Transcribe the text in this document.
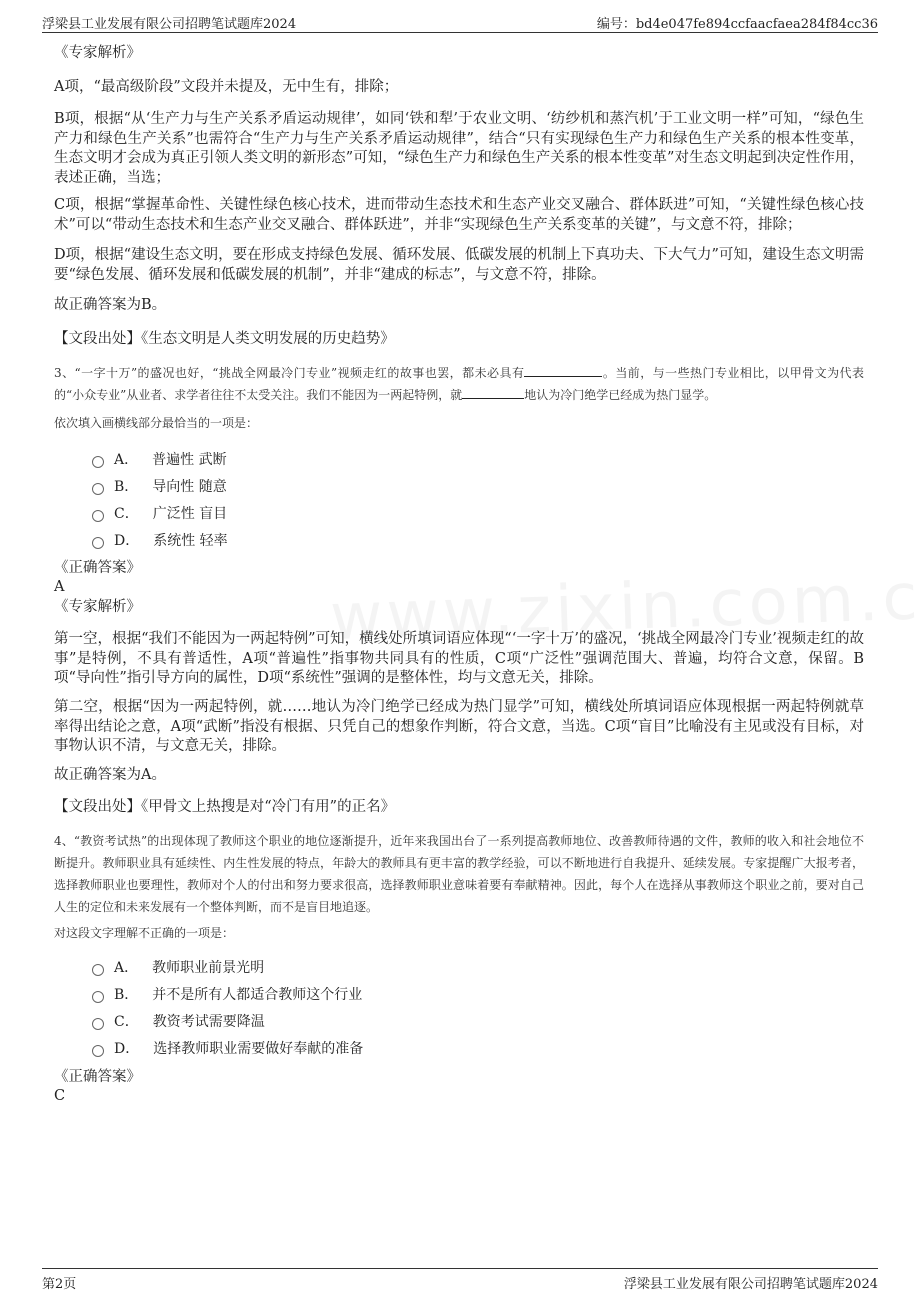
浮梁县工业发展有限公司招聘笔试题库2024	编号：bd4e047fe894ccfaacfaea284f84cc36

《专家解析》

A项，“最高级阶段”文段并未提及，无中生有，排除；

B项，根据“从‘生产力与生产关系矛盾运动规律’，如同‘铁和犁’于农业文明、‘纺纱机和蒸汽机’于工业文明一样”可知，“绿色生产力和绿色生产关系”也需符合“生产力与生产关系矛盾运动规律”，结合“只有实现绿色生产力和绿色生产关系的根本性变革，生态文明才会成为真正引领人类文明的新形态”可知，“绿色生产力和绿色生产关系的根本性变革”对生态文明起到决定性作用，表述正确，当选；

C项，根据“掌握革命性、关键性绿色核心技术，进而带动生态技术和生态产业交叉融合、群体跃进”可知，“关键性绿色核心技术”可以“带动生态技术和生态产业交叉融合、群体跃进”，并非“实现绿色生产关系变革的关键”，与文意不符，排除；

D项，根据“建设生态文明，要在形成支持绿色发展、循环发展、低碳发展的机制上下真功夫、下大气力”可知，建设生态文明需要“绿色发展、循环发展和低碳发展的机制”，并非“建成的标志”，与文意不符，排除。

故正确答案为B。

【文段出处】《生态文明是人类文明发展的历史趋势》

3、“一字十万”的盛况也好，“挑战全网最冷门专业”视频走红的故事也罢，都未必具有	。当前，与一些热门专业相比，以甲骨文为代表的“小众专业”从业者、求学者往往不太受关注。我们不能因为一两起特例，就	地认为冷门绝学已经成为热门显学。

依次填入画横线部分最恰当的一项是：

A． 普遍性 武断
B． 导向性 随意
C． 广泛性 盲目
D． 系统性 轻率

《正确答案》

A

《专家解析》

第一空，根据“我们不能因为一两起特例”可知，横线处所填词语应体现“‘一字十万’的盛况，‘挑战全网最冷门专业’视频走红的故事”是特例，不具有普适性，A项“普遍性”指事物共同具有的性质，C项“广泛性”强调范围大、普遍，均符合文意，保留。B项“导向性”指引导方向的属性，D项“系统性”强调的是整体性，均与文意无关，排除。

第二空，根据“因为一两起特例，就……地认为冷门绝学已经成为热门显学”可知，横线处所填词语应体现根据一两起特例就草率得出结论之意，A项“武断”指没有根据、只凭自己的想象作判断，符合文意，当选。C项“盲目”比喻没有主见或没有目标，对事物认识不清，与文意无关，排除。

故正确答案为A。

【文段出处】《甲骨文上热搜是对“冷门有用”的正名》

4、“教资考试热”的出现体现了教师这个职业的地位逐渐提升，近年来我国出台了一系列提高教师地位、改善教师待遇的文件，教师的收入和社会地位不断提升。教师职业具有延续性、内生性发展的特点，年龄大的教师具有更丰富的教学经验，可以不断地进行自我提升、延续发展。专家提醒广大报考者，选择教师职业也要理性，教师对个人的付出和努力要求很高，选择教师职业意味着要有奉献精神。因此，每个人在选择从事教师这个职业之前，要对自己人生的定位和未来发展有一个整体判断，而不是盲目地追逐。

对这段文字理解不正确的一项是：

A． 教师职业前景光明
B． 并不是所有人都适合教师这个行业
C． 教资考试需要降温
D． 选择教师职业需要做好奉献的准备

《正确答案》

C

第2页	浮梁县工业发展有限公司招聘笔试题库2024
